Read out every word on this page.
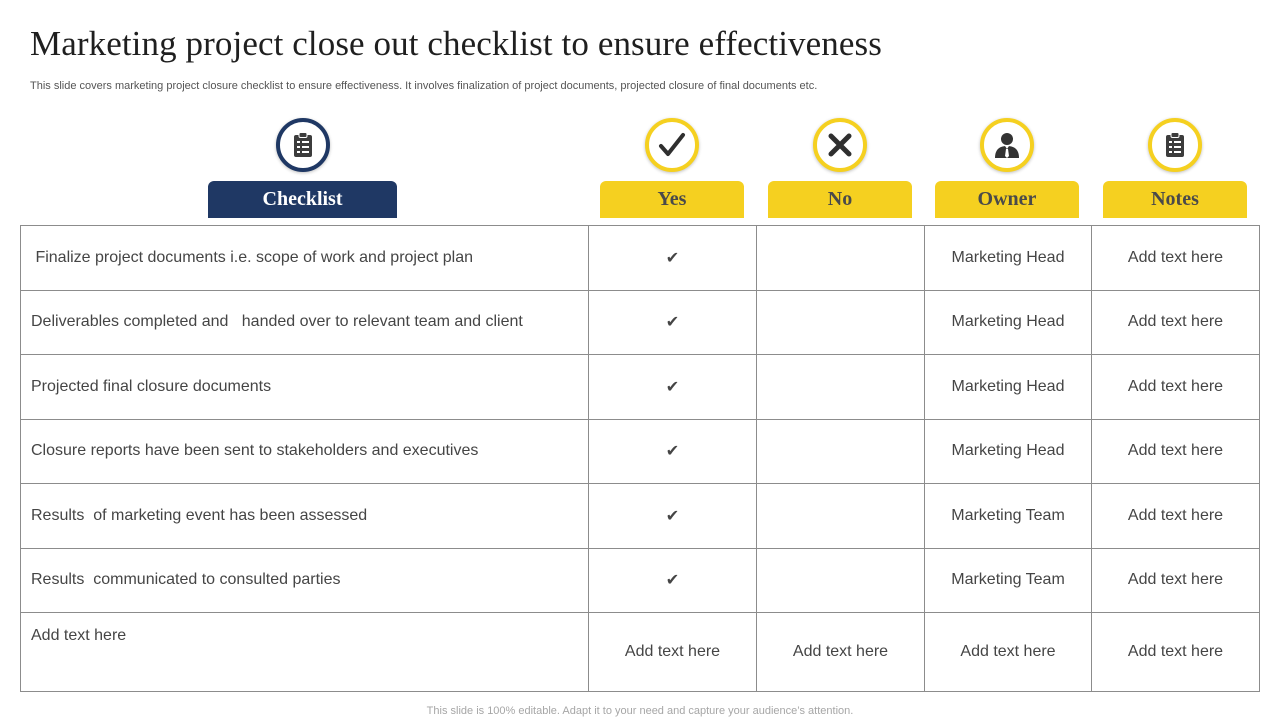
Marketing project close out checklist to ensure effectiveness
This slide covers marketing project closure checklist to ensure effectiveness. It involves finalization of project documents, projected closure of final documents etc.
Checklist	Yes	No	Owner	Notes
Finalize project documents i.e. scope of work and project plan	✔		Marketing Head	Add text here
Deliverables completed and   handed over to relevant team and client	✔		Marketing Head	Add text here
Projected final closure documents	✔		Marketing Head	Add text here
Closure reports have been sent to stakeholders and executives	✔		Marketing Head	Add text here
Results  of marketing event has been assessed	✔		Marketing Team	Add text here
Results  communicated to consulted parties	✔		Marketing Team	Add text here
Add text here	Add text here	Add text here	Add text here	Add text here
This slide is 100% editable. Adapt it to your need and capture your audience’s attention.
